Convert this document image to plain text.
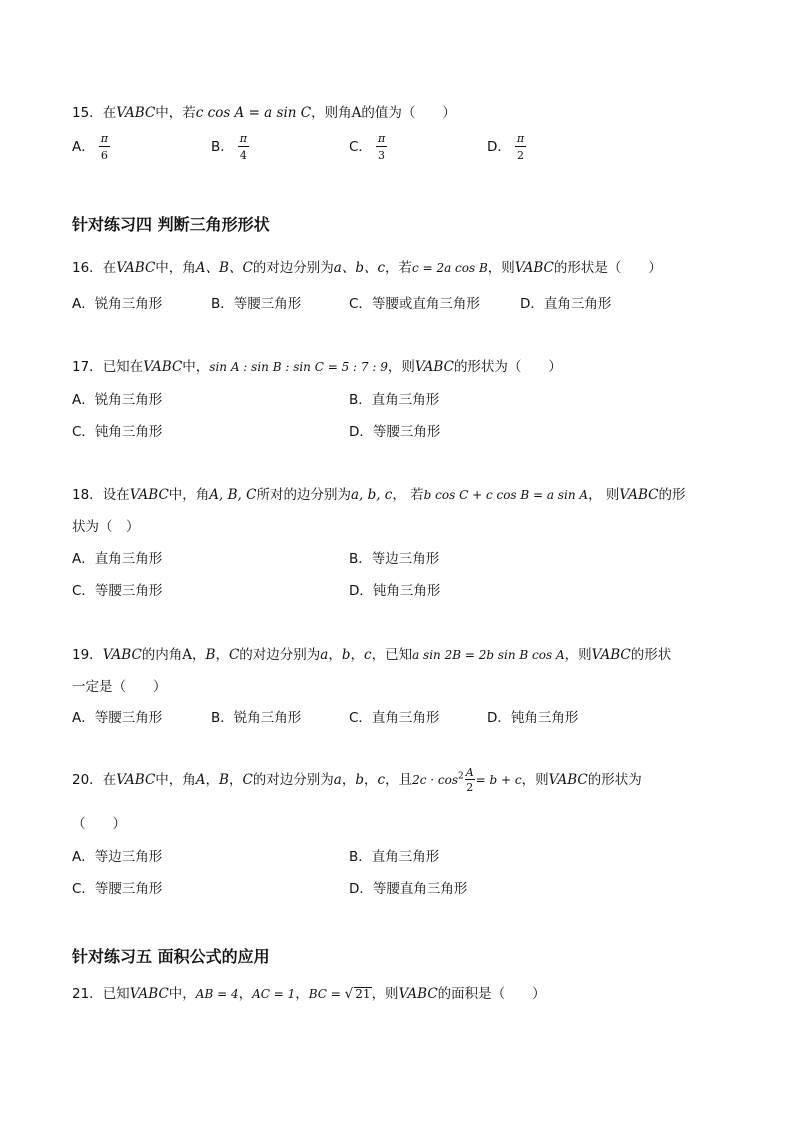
15．在VABC中，若c cos A = a sin C，则角A的值为（　　）
A． $\frac{\pi}{6}$	B． $\frac{\pi}{4}$	C． $\frac{\pi}{3}$	D． $\frac{\pi}{2}$
针对练习四 判断三角形形状
16．在VABC中，角A、B、C的对边分别为a、b、c，若c = 2a cos B，则VABC的形状是（　　）
A．锐角三角形	B．等腰三角形	C．等腰或直角三角形	D．直角三角形
17．已知在VABC中，sin A : sin B : sin C = 5 : 7 : 9，则VABC的形状为（　　）
A．锐角三角形	B．直角三角形
C．钝角三角形	D．等腰三角形
18．设在VABC中，角A, B, C所对的边分别为a, b, c， 若b cos C + c cos B = a sin A， 则VABC的形
状为（　）
A．直角三角形	B．等边三角形
C．等腰三角形	D．钝角三角形
19．VABC的内角A，B，C的对边分别为a，b，c，已知a sin 2B = 2b sin B cos A，则VABC的形状
一定是（　　）
A．等腰三角形	B．锐角三角形	C．直角三角形	D．钝角三角形
20．在VABC中，角A，B，C的对边分别为a，b，c，且$2c \cdot \cos^2 \frac{A}{2} = b + c$，则VABC的形状为
（　　）
A．等边三角形	B．直角三角形
C．等腰三角形	D．等腰直角三角形
针对练习五 面积公式的应用
21．已知VABC中，AB = 4，AC = 1，BC = √ 21，则VABC的面积是（　　）
